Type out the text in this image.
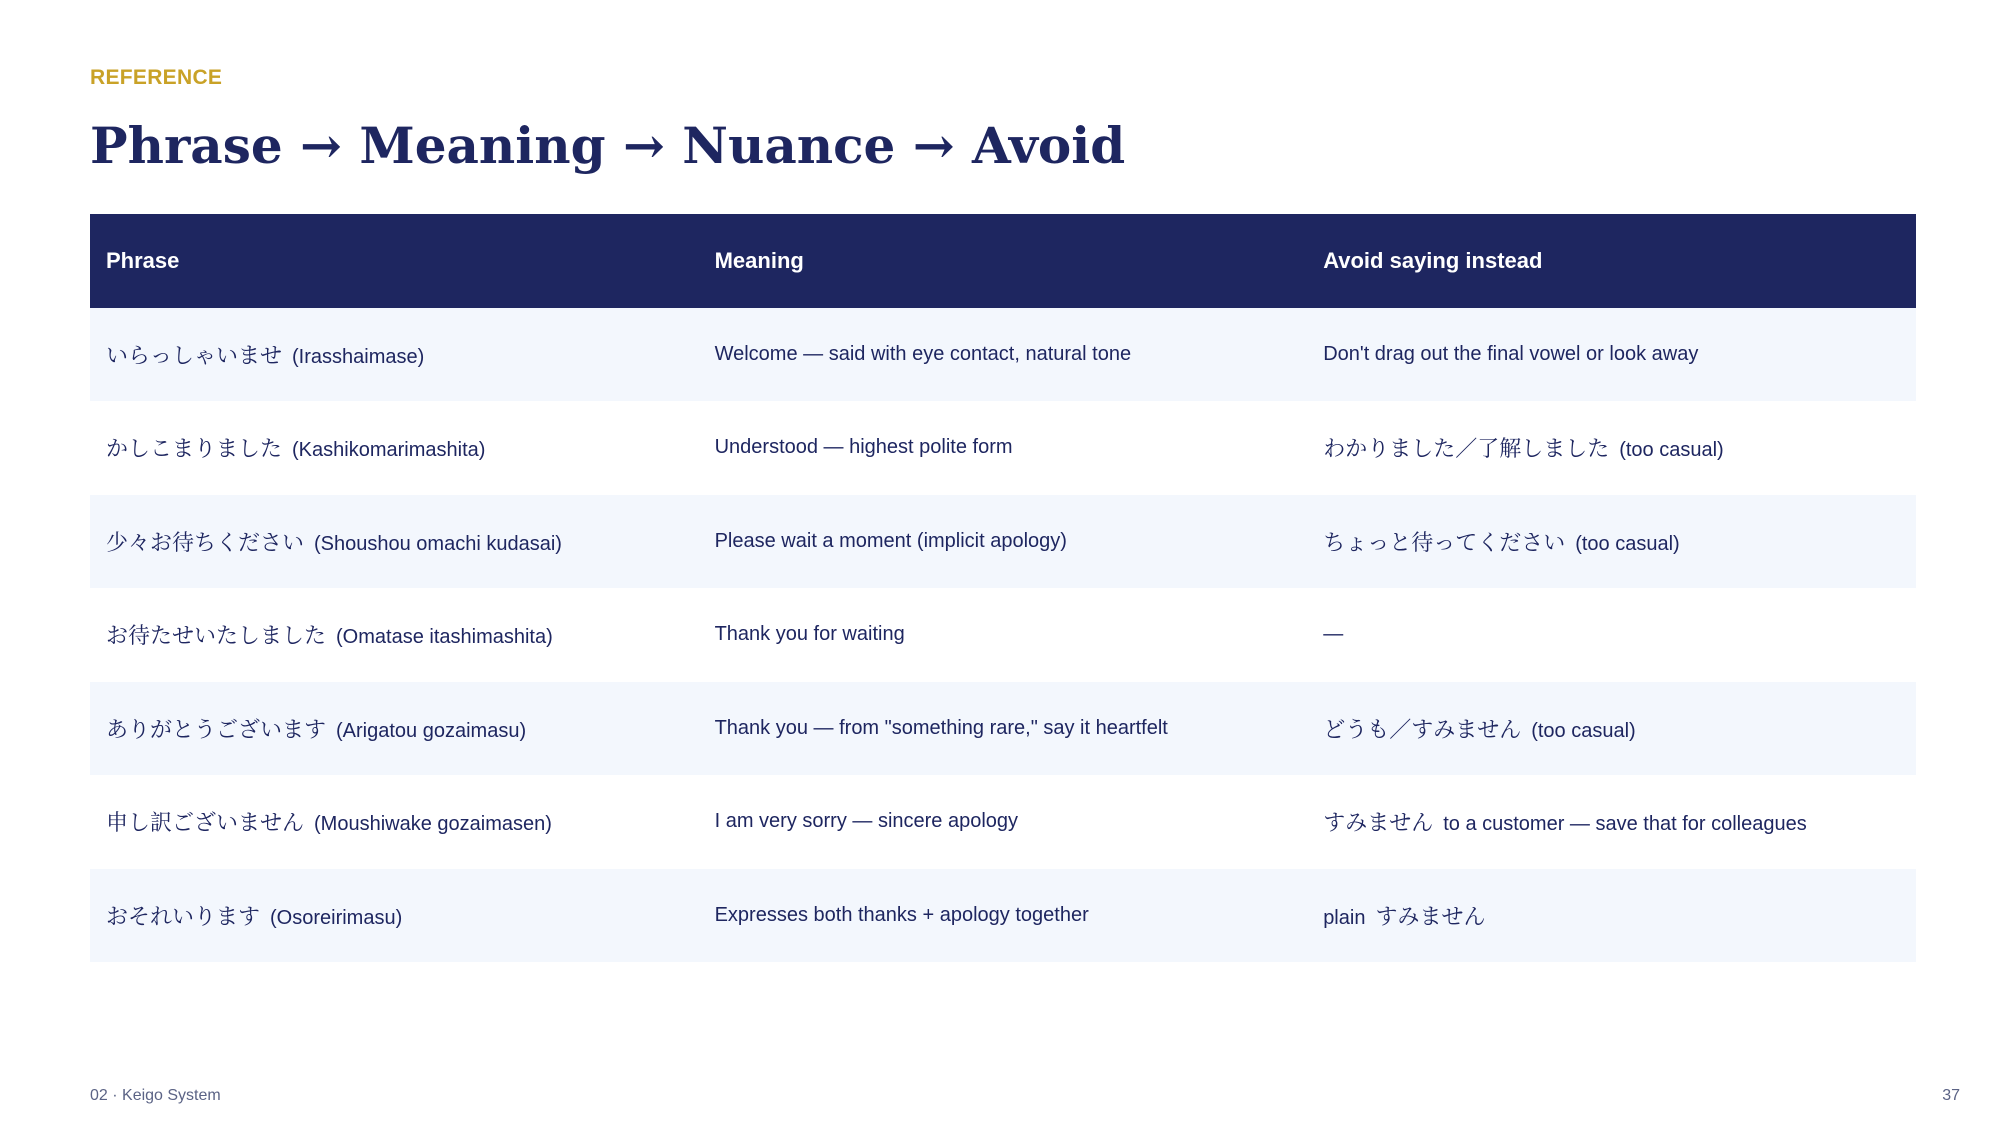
REFERENCE
Phrase → Meaning → Nuance → Avoid
Phrase	Meaning	Avoid saying instead
いらっしゃいませ (Irasshaimase)	Welcome — said with eye contact, natural tone	Don't drag out the final vowel or look away
かしこまりました (Kashikomarimashita)	Understood — highest polite form	わかりました／了解しました (too casual)
少々お待ちください (Shoushou omachi kudasai)	Please wait a moment (implicit apology)	ちょっと待ってください (too casual)
お待たせいたしました (Omatase itashimashita)	Thank you for waiting	—
ありがとうございます (Arigatou gozaimasu)	Thank you — from "something rare," say it heartfelt	どうも／すみません (too casual)
申し訳ございません (Moushiwake gozaimasen)	I am very sorry — sincere apology	すみません to a customer — save that for colleagues
おそれいります (Osoreirimasu)	Expresses both thanks + apology together	plain すみません
02 · Keigo System	37
